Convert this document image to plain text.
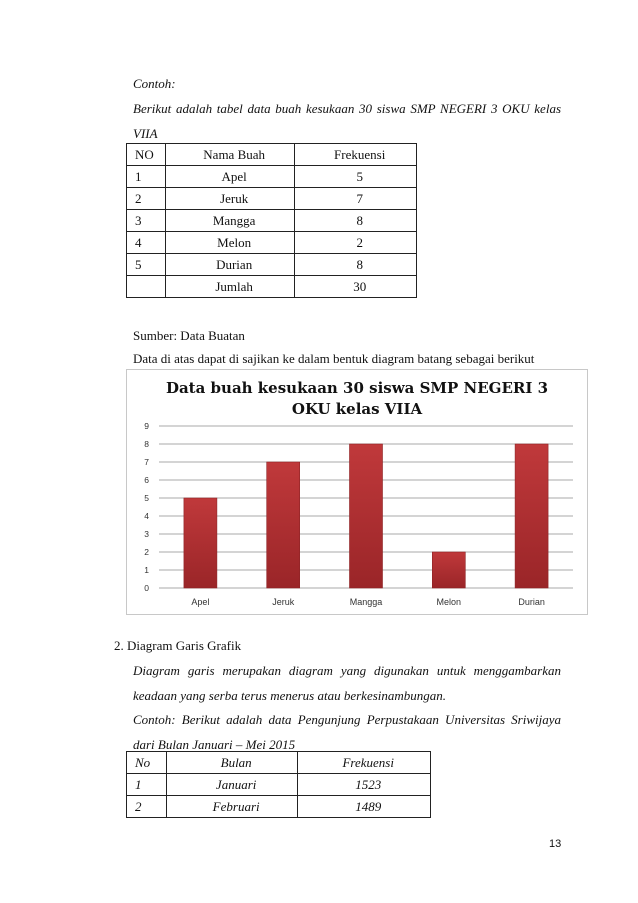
Contoh:
Berikut adalah tabel data buah kesukaan 30 siswa SMP NEGERI 3 OKU kelas
VIIA
NO	Nama Buah	Frekuensi
1	Apel	5
2	Jeruk	7
3	Mangga	8
4	Melon	2
5	Durian	8
	Jumlah	30
Sumber: Data Buatan
Data di atas dapat di sajikan ke dalam bentuk diagram batang sebagai berikut
Data buah kesukaan 30 siswa SMP NEGERI 3
OKU kelas VIIA
0
1
2
3
4
5
6
7
8
9
Apel	Jeruk	Mangga	Melon	Durian
2. Diagram Garis Grafik
Diagram garis merupakan diagram yang digunakan untuk menggambarkan
keadaan yang serba terus menerus atau berkesinambungan.
Contoh: Berikut adalah data Pengunjung Perpustakaan Universitas Sriwijaya
dari Bulan Januari – Mei 2015
No	Bulan	Frekuensi
1	Januari	1523
2	Februari	1489
13
